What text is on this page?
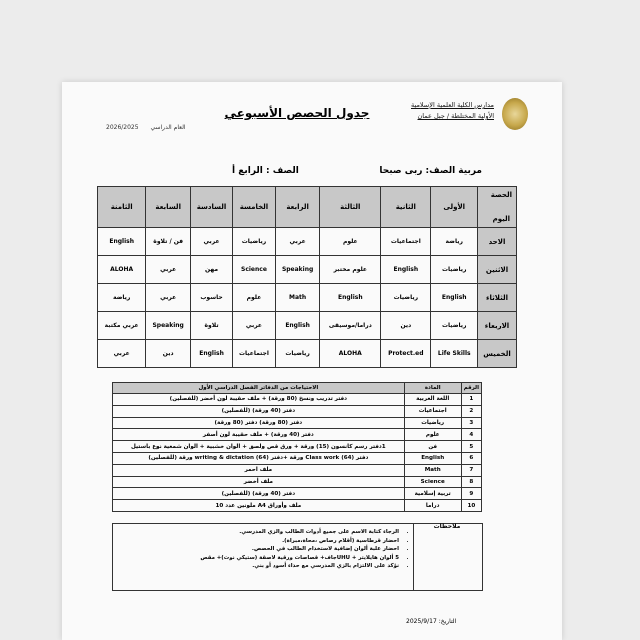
مدارس الكلية العلمية الإسلامية
الأولية المختلطة / جبل عمان
جدول الحصص الأسبوعي
2026/2025 العام الدراسي
مربية الصف: ربى صبحا
الصف : الرابع أ
الحصة
اليوم	الأولى	الثانية	الثالثة	الرابعة	الخامسة	السادسة	السابعة	الثامنة
الاحد	رياضة	اجتماعيات	علوم	عربي	رياضيات	عربي	فن / تلاوة	English
الاثنين	رياضيات	English	علوم مختبر	Speaking	Science	مهن	عربي	ALOHA
الثلاثاء	English	رياضيات	English	Math	علوم	حاسوب	عربي	رياضة
الاربعاء	رياضيات	دين	دراما/موسيقى	English	عربي	تلاوة	Speaking	عربي مكتبة
الخميس	Life Skills	Protect.ed	ALOHA	رياضيات	اجتماعيات	English	دين	عربي
الرقم	المادة	الاحتياجات من الدفاتر الفصل الدراسي الأول
1	اللغة العربية	دفتر تدريب ونسخ (80 ورقة) + ملف حقيبة لون أخضر (للفصلين)
2	اجتماعيات	دفتر (40 ورقة) (للفصلين)
3	رياضيات	دفتر (80 ورقة) دفتر (80 ورقة)
4	علوم	دفتر (40 ورقة) + ملف حقيبة لون أصفر
5	فن	1دفتر رسم كانسون (15) ورقة + ورق قص ولصق + الوان خشبية + الوان شمعية نوع باستيل
6	English	دفتر Class work (64) ورقة +دفتر writing & dictation (64) ورقة (للفصلين)
7	Math	ملف احمر
8	Science	ملف أخضر
9	تربية إسلامية	دفتر (40 ورقة) (للفصلين)
10	دراما	ملف وأوراق A4 ملونين عدد 10
ملاحظات
• الرجاء كتابة الاسم على جميع أدوات الطالب والزي المدرسي.
• احضار قرطاسية (أقلام رصاص ،محاة،مبراة).
• احضار علبة ألوان إضافية لاستخدام الطالب في الحصص.
• 5 ألوان هايلايتر + UHUجاف+ قصاصات ورقية لاصقة (ستيكي نوت)+ مقص
• نؤكد على الالتزام بالزي المدرسي مع حذاء أسود أو بني.
التاريخ: 2025/9/17
